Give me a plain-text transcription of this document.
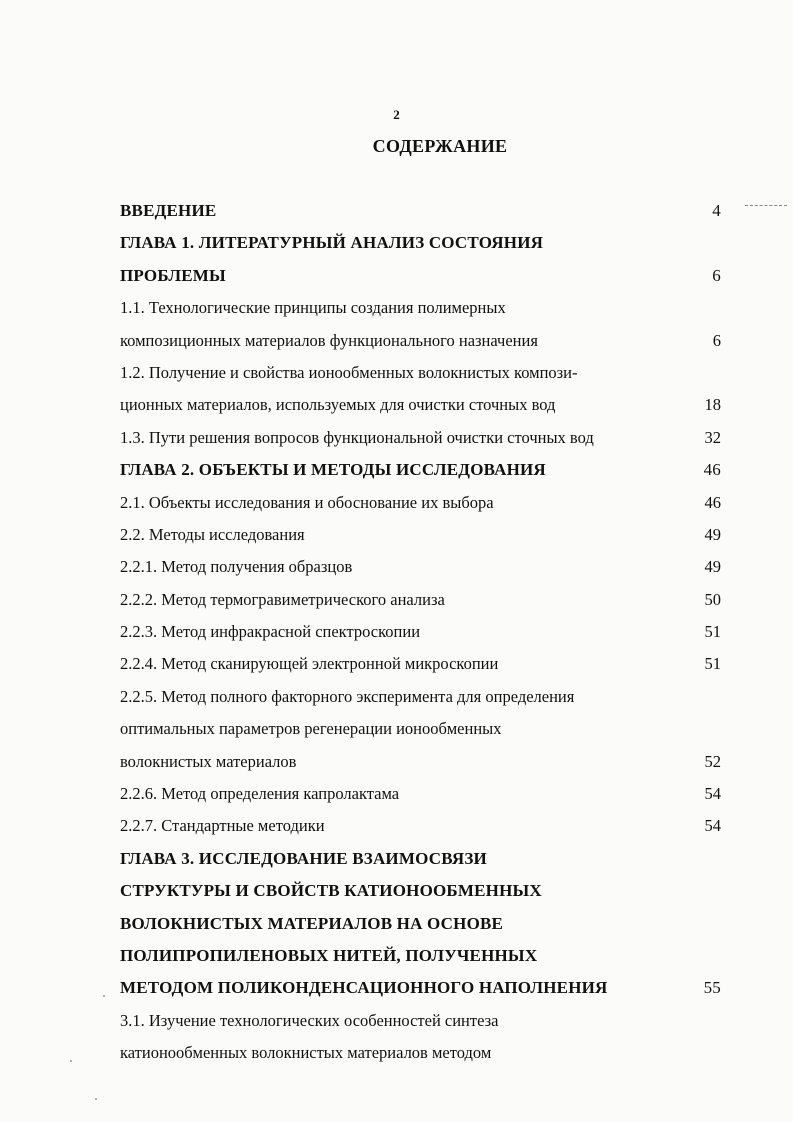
2
СОДЕРЖАНИЕ
ВВЕДЕНИЕ	4
ГЛАВА 1. ЛИТЕРАТУРНЫЙ АНАЛИЗ СОСТОЯНИЯ
ПРОБЛЕМЫ	6
1.1. Технологические принципы создания полимерных
композиционных материалов функционального назначения	6
1.2. Получение и свойства ионообменных волокнистых компози-
ционных материалов, используемых для очистки сточных вод	18
1.3. Пути решения вопросов функциональной очистки сточных вод	32
ГЛАВА 2. ОБЪЕКТЫ И МЕТОДЫ ИССЛЕДОВАНИЯ	46
2.1. Объекты исследования и обоснование их выбора	46
2.2. Методы исследования	49
2.2.1. Метод получения образцов	49
2.2.2. Метод термогравиметрического анализа	50
2.2.3. Метод инфракрасной спектроскопии	51
2.2.4. Метод сканирующей электронной микроскопии	51
2.2.5. Метод полного факторного эксперимента для определения
оптимальных параметров регенерации ионообменных
волокнистых материалов	52
2.2.6. Метод определения капролактама	54
2.2.7. Стандартные методики	54
ГЛАВА 3. ИССЛЕДОВАНИЕ ВЗАИМОСВЯЗИ
СТРУКТУРЫ И СВОЙСТВ КАТИОНООБМЕННЫХ
ВОЛОКНИСТЫХ МАТЕРИАЛОВ НА ОСНОВЕ
ПОЛИПРОПИЛЕНОВЫХ НИТЕЙ, ПОЛУЧЕННЫХ
МЕТОДОМ ПОЛИКОНДЕНСАЦИОННОГО НАПОЛНЕНИЯ	55
3.1. Изучение технологических особенностей синтеза
катионообменных волокнистых материалов методом
